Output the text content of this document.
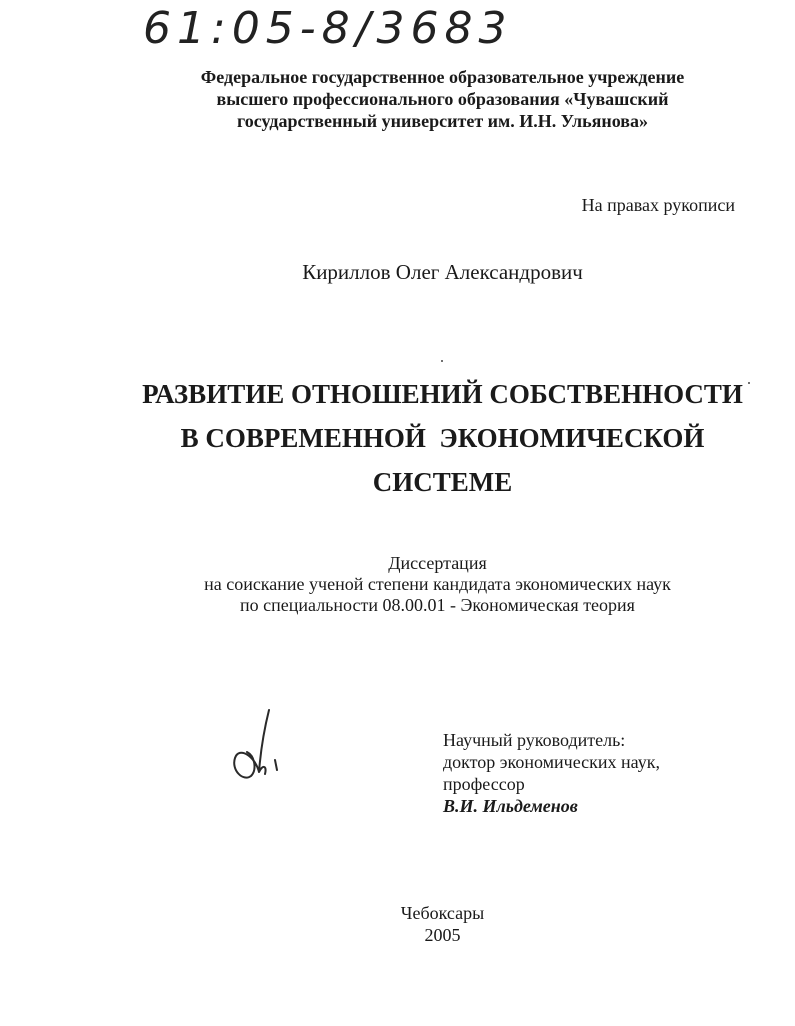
61:05-8/3683
Федеральное государственное образовательное учреждение
высшего профессионального образования «Чувашский
государственный университет им. И.Н. Ульянова»
На правах рукописи
Кириллов Олег Александрович
РАЗВИТИЕ ОТНОШЕНИЙ СОБСТВЕННОСТИ
В СОВРЕМЕННОЙ  ЭКОНОМИЧЕСКОЙ
СИСТЕМЕ
Диссертация
на соискание ученой степени кандидата экономических наук
по специальности 08.00.01 - Экономическая теория
Научный руководитель:
доктор экономических наук,
профессор
В.И. Ильдеменов
Чебоксары
2005
